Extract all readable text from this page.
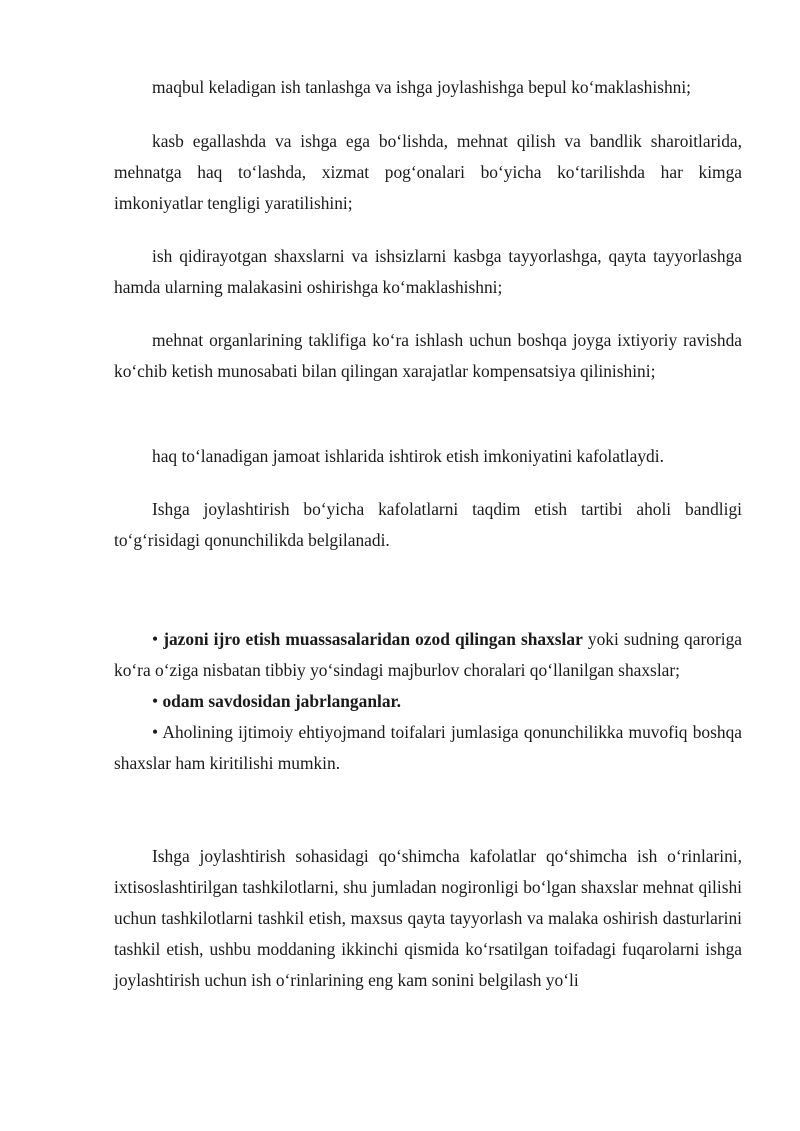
maqbul keladigan ish tanlashga va ishga joylashishga bepul ko‘maklashishni;

kasb egallashda va ishga ega bo‘lishda, mehnat qilish va bandlik sharoitlarida, mehnatga haq to‘lashda, xizmat pog‘onalari bo‘yicha ko‘tarilishda har kimga imkoniyatlar tengligi yaratilishini;

ish qidirayotgan shaxslarni va ishsizlarni kasbga tayyorlashga, qayta tayyorlashga hamda ularning malakasini oshirishga ko‘maklashishni;

mehnat organlarining taklifiga ko‘ra ishlash uchun boshqa joyga ixtiyoriy ravishda ko‘chib ketish munosabati bilan qilingan xarajatlar kompensatsiya qilinishini;

haq to‘lanadigan jamoat ishlarida ishtirok etish imkoniyatini kafolatlaydi.

Ishga joylashtirish bo‘yicha kafolatlarni taqdim etish tartibi aholi bandligi to‘g‘risidagi qonunchilikda belgilanadi.

• jazoni ijro etish muassasalaridan ozod qilingan shaxslar yoki sudning qaroriga ko‘ra o‘ziga nisbatan tibbiy yo‘sindagi majburlov choralari qo‘llanilgan shaxslar;

• odam savdosidan jabrlanganlar.

• Aholining ijtimoiy ehtiyojmand toifalari jumlasiga qonunchilikka muvofiq boshqa shaxslar ham kiritilishi mumkin.

Ishga joylashtirish sohasidagi qo‘shimcha kafolatlar qo‘shimcha ish o‘rinlarini, ixtisoslashtirilgan tashkilotlarni, shu jumladan nogironligi bo‘lgan shaxslar mehnat qilishi uchun tashkilotlarni tashkil etish, maxsus qayta tayyorlash va malaka oshirish dasturlarini tashkil etish, ushbu moddaning ikkinchi qismida ko‘rsatilgan toifadagi fuqarolarni ishga joylashtirish uchun ish o‘rinlarining eng kam sonini belgilash yo‘li
